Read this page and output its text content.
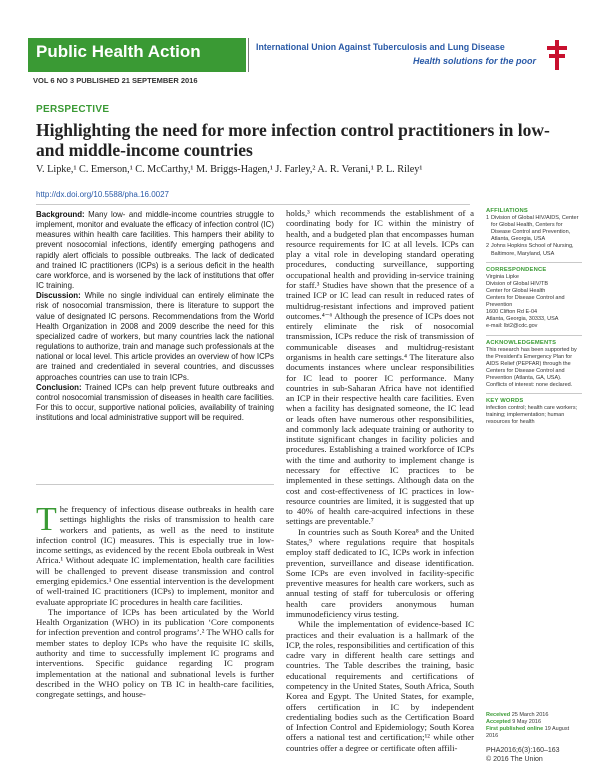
Public Health Action
VOL 6 NO 3 PUBLISHED 21 SEPTEMBER 2016
International Union Against Tuberculosis and Lung Disease
Health solutions for the poor
PERSPECTIVE
Highlighting the need for more infection control practitioners in low- and middle-income countries
V. Lipke,¹ C. Emerson,¹ C. McCarthy,¹ M. Briggs-Hagen,¹ J. Farley,² A. R. Verani,¹ P. L. Riley¹
http://dx.doi.org/10.5588/pha.16.0027

Background: Many low- and middle-income countries struggle to implement, monitor and evaluate the efficacy of infection control (IC) measures within health care facilities. This hampers their ability to prevent nosocomial infections, identify emerging pathogens and rapidly alert officials to possible outbreaks. The lack of dedicated and trained IC practitioners (ICPs) is a serious deficit in the health care workforce, and is worsened by the lack of institutions that offer IC training.

Discussion: While no single individual can entirely eliminate the risk of nosocomial transmission, there is literature to support the value of designated IC persons. Recommendations from the World Health Organization in 2008 and 2009 describe the need for this specialized cadre of workers, but many countries lack the national regulations to authorize, train and manage such professionals at the national or local level. This article provides an overview of how ICPs are trained and credentialed in several countries, and discusses approaches countries can use to train ICPs.

Conclusion: Trained ICPs can help prevent future outbreaks and control nosocomial transmission of diseases in health care facilities. For this to occur, supportive national policies, availability of training institutions and local administrative support will be required.

The frequency of infectious disease outbreaks in health care settings highlights the risks of transmission to health care workers and patients, as well as the need to institute infection control (IC) measures. This is especially true in low-income settings, as evidenced by the recent Ebola outbreak in West Africa.¹ Without adequate IC implementation, health care facilities will be challenged to prevent disease transmission and control emerging epidemics.¹ One essential intervention is the development of well-trained IC practitioners (ICPs) to implement, monitor and evaluate appropriate IC procedures in health care facilities.

The importance of ICPs has been articulated by the World Health Organization (WHO) in its publication ‘Core components for infection prevention and control programs’.² The WHO calls for member states to deploy ICPs who have the requisite IC skills, authority and time to successfully implement IC programs and interventions. Specific guidance regarding IC program implementation at the national and subnational levels is further described in the WHO policy on TB IC in health-care facilities, congregate settings, and house-

holds,³ which recommends the establishment of a coordinating body for IC within the ministry of health, and a budgeted plan that encompasses human resource requirements for IC at all levels. ICPs can play a vital role in developing standard operating procedures, conducting surveillance, supporting occupational health and providing in-service training for staff.³ Studies have shown that the presence of a trained ICP or IC lead can result in reduced rates of multidrug-resistant infections and improved patient outcomes.⁴⁻⁶ Although the presence of ICPs does not entirely eliminate the risk of nosocomial transmission, ICPs reduce the risk of transmission of communicable diseases and multidrug-resistant organisms in health care settings.⁴ The literature also documents instances where unclear responsibilities for IC lead to poorer IC performance. Many countries in sub-Saharan Africa have not identified an ICP in their respective health care facilities. Even when a facility has designated someone, the IC lead or leads often have numerous other responsibilities, and commonly lack adequate training or authority to institute significant changes in facility policies and procedures. Establishing a trained workforce of ICPs with the time and authority to implement change is necessary for effective IC practices to be implemented in these settings. Although data on the cost and cost-effectiveness of IC practices in low-resource countries are limited, it is suggested that up to 40% of health care-acquired infections in these settings are preventable.⁷

In countries such as South Korea⁸ and the United States,⁹ where regulations require that hospitals employ staff dedicated to IC, ICPs work in infection prevention, surveillance and disease identification. Some ICPs are even involved in facility-specific preventive measures for health care workers, such as annual testing of staff for tuberculosis or offering health care providers anonymous human immunodeficiency virus testing.

While the implementation of evidence-based IC practices and their evaluation is a hallmark of the ICP, the roles, responsibilities and certification of this cadre vary in different health care settings and countries. The Table describes the training, basic educational requirements and certifications of competency in the United States, South Africa, South Korea and Egypt. The United States, for example, offers certification in IC by independent credentialing bodies such as the Certification Board of Infection Control and Epidemiology; South Korea offers a national test and certification;¹² while other countries offer a degree or certificate often affili-

AFFILIATIONS
1 Division of Global HIV/AIDS, Center for Global Health, Centers for Disease Control and Prevention, Atlanta, Georgia, USA
2 Johns Hopkins School of Nursing, Baltimore, Maryland, USA
CORRESPONDENCE
Virginia Lipke
Division of Global HIV/TB
Center for Global Health
Centers for Disease Control and Prevention
1600 Clifton Rd E-04
Atlanta, Georgia, 30333, USA
e-mail: lbt2@cdc.gov
ACKNOWLEDGEMENTS
This research has been supported by the President's Emergency Plan for AIDS Relief (PEPFAR) through the Centers for Disease Control and Prevention (Atlanta, GA, USA).
Conflicts of interest: none declared.
KEY WORDS
infection control; health care workers; training; implementation; human resources for health
Received 25 March 2016
Accepted 9 May 2016
First published online 19 August 2016
PHA2016;6(3):160–163
© 2016 The Union
